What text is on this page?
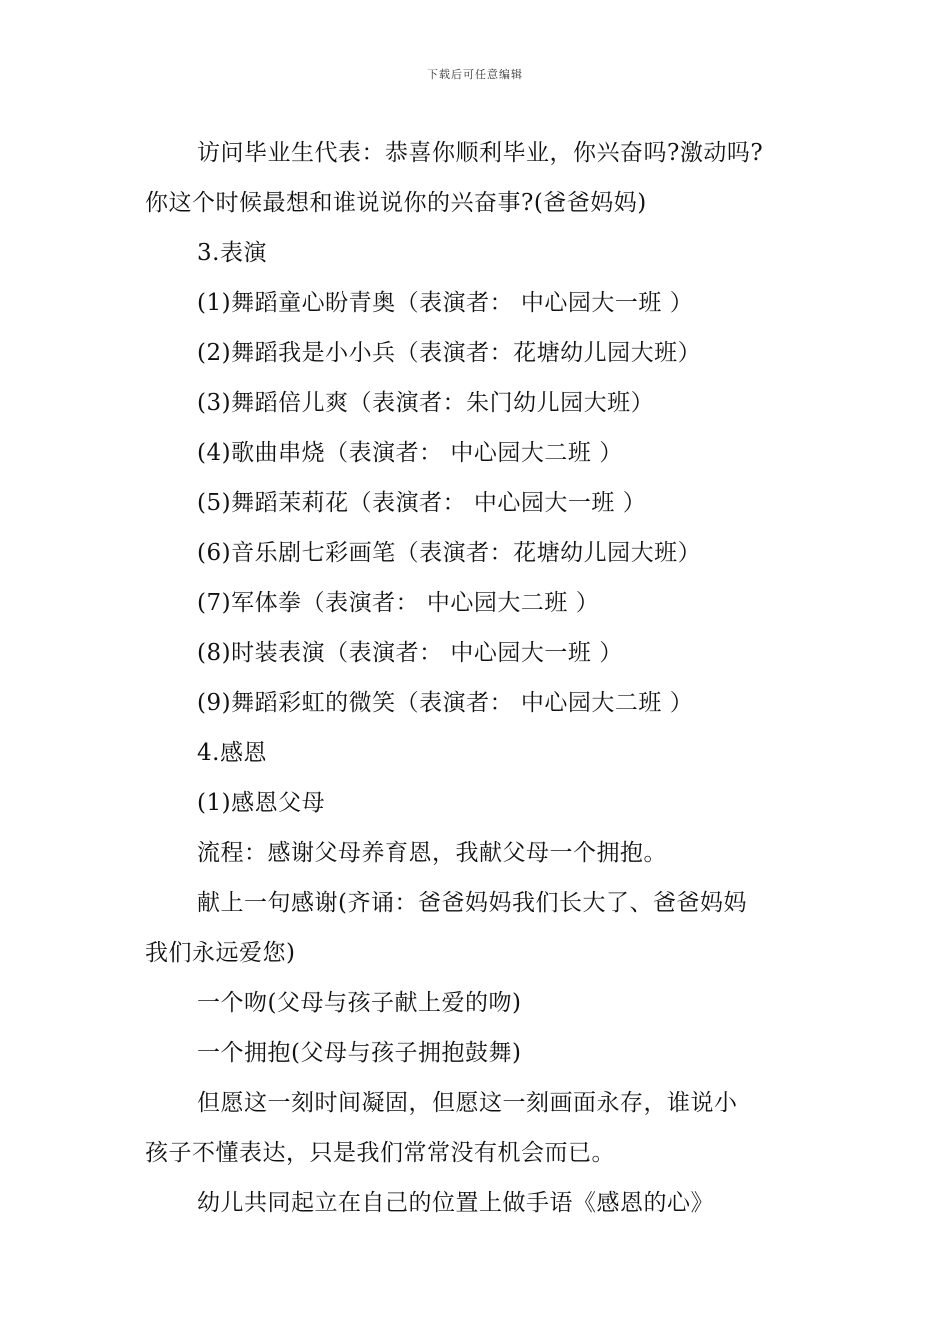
下载后可任意编辑
访问毕业生代表：恭喜你顺利毕业，你兴奋吗?激动吗?
你这个时候最想和谁说说你的兴奋事?(爸爸妈妈)
3.表演
(1)舞蹈童心盼青奥（表演者： 中心园大一班 ）
(2)舞蹈我是小小兵（表演者：花塘幼儿园大班）
(3)舞蹈倍儿爽（表演者：朱门幼儿园大班）
(4)歌曲串烧（表演者： 中心园大二班 ）
(5)舞蹈茉莉花（表演者： 中心园大一班 ）
(6)音乐剧七彩画笔（表演者：花塘幼儿园大班）
(7)军体拳（表演者： 中心园大二班 ）
(8)时装表演（表演者： 中心园大一班 ）
(9)舞蹈彩虹的微笑（表演者： 中心园大二班 ）
4.感恩
(1)感恩父母
流程：感谢父母养育恩，我献父母一个拥抱。
献上一句感谢(齐诵：爸爸妈妈我们长大了、爸爸妈妈
我们永远爱您)
一个吻(父母与孩子献上爱的吻)
一个拥抱(父母与孩子拥抱鼓舞)
但愿这一刻时间凝固，但愿这一刻画面永存，谁说小
孩子不懂表达，只是我们常常没有机会而已。
幼儿共同起立在自己的位置上做手语《感恩的心》
